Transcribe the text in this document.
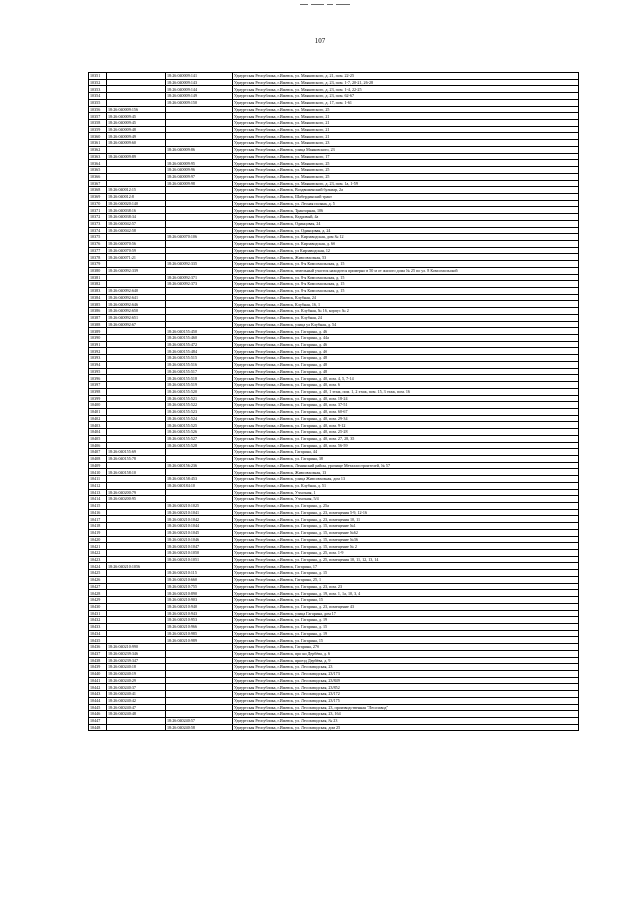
107
10351		18:26:040009:141	Удмуртская Республика, г.Ижевск, ул. Маяковского, д. 21, пом. 22-25
10352		18:26:040009:143	Удмуртская Республика, г.Ижевск, ул. Маяковского, д. 23, пом. 1-7, 20-21, 26-28
10353		18:26:040009:144	Удмуртская Республика, г.Ижевск, ул. Маяковского, д. 23, пом. 1-4, 22-25
10354		18:26:040009:149	Удмуртская Республика, г.Ижевск, ул. Маяковского, д. 23, пом. 62-67
10355		18:26:040009:150	Удмуртская Республика, г.Ижевск, ул. Маяковского, д. 17, пом. 1-61
10356	18:26:040009:156		Удмуртская Республика, г.Ижевск, ул. Маяковского, 25
10357	18:26:040009:45		Удмуртская Республика, г.Ижевск, ул. Маяковского, 21
10358	18:26:040009:45		Удмуртская Республика, г.Ижевск, ул. Маяковского, 21
10359	18:26:040009:48		Удмуртская Республика, г.Ижевск, ул. Маяковского, 21
10360	18:26:040009:49		Удмуртская Республика, г.Ижевск, ул. Маяковского, 21
10361	18:26:040009:60		Удмуртская Республика, г.Ижевск, ул. Маяковского, 23
10362		18:26:040009:86	Удмуртская Республика, г.Ижевск, улица Маяковского, 23
10363	18:26:040009:89		Удмуртская Республика, г.Ижевск, ул. Маяковского, 17
10364		18:26:040009:95	Удмуртская Республика, г.Ижевск, ул. Маяковского, 25
10365		18:26:040009:96	Удмуртская Республика, г.Ижевск, ул. Маяковского, 25
10366		18:26:040009:97	Удмуртская Республика, г.Ижевск, ул. Маяковского, 25
10367		18:26:040009:98	Удмуртская Республика, г.Ижевск, ул. Маяковского, д. 23, пом. 1а, 1-59
10368	18:26:040012:15		Удмуртская Республика, г.Ижевск, Воздвиженский бульвар, 2а
10369	18:26:040012:8		Удмуртская Республика, г.Ижевск, Шабердинский тракт
10370	18:26:040020:140		Удмуртская Республика, г.Ижевск, ул. Лесная поляна, д. 5
10371	18:26:040038:16		Удмуртская Республика, г.Ижевск, Тракторная, 106
10372	18:26:040038:34		Удмуртская Республика, г.Ижевск, Кедровый, 4а
10373	18:26:040042:57		Удмуртская Республика, г.Ижевск, Одинцовая, 24
10374	18:26:040042:58		Удмуртская Республика, г.Ижевск, ул. Одинцовая, д. 24
10375		18:26:040070:106	Удмуртская Республика, г.Ижевск, ул. Кирзаводская, дом № 12
10376	18:26:040070:56		Удмуртская Республика, г.Ижевск, ул. Кирзаводская, д. 6б
10377	18:26:040070:59		Удмуртская Республика, г.Ижевск, ул Кирзаводская, 12
10378	18:26:040071:21		Удмуртская Республика, г.Ижевск, Живсовхозная, 53
10379		18:26:040092:335	Удмуртская Республика, г.Ижевск, ул. 8-я Комсомольская, д. 15
10380	18:26:040092:339		Удмуртская Республика, г.Ижевск, земельный участок находится примерно в 50 м от жилого дома № 25 по ул. 8 Комсомольской
10381		18:26:040092:371	Удмуртская Республика, г.Ижевск, ул. 8-я Комсомольская, д. 15
10382		18:26:040092:373	Удмуртская Республика, г.Ижевск, ул. 8-я Комсомольская, д. 15
10383	18:26:040092:640		Удмуртская Республика, г.Ижевск, ул. 8-я Комсомольская, д. 15
10384	18:26:040092:641		Удмуртская Республика, г.Ижевск, Клубная, 24
10385	18:26:040092:646		Удмуртская Республика, г.Ижевск, Клубная, 16, 1
10386	18:26:040092:650		Удмуртская Республика, г.Ижевск, ул. Клубная, № 16, корпус № 2
10387	18:26:040092:651		Удмуртская Республика, г.Ижевск, ул. Клубная, 24
10388	18:26:040092:67		Удмуртская Республика, г.Ижевск, улица ул Клубная, д. 54
10389		18:26:040155:450	Удмуртская Республика, г.Ижевск, ул. Гагарина, д. 46
10390		18:26:040155:460	Удмуртская Республика, г.Ижевск, ул. Гагарина, д. 44а
10391		18:26:040155:472	Удмуртская Республика, г.Ижевск, ул. Гагарина, д. 46
10392		18:26:040155:484	Удмуртская Республика, г.Ижевск, ул. Гагарина, д. 4б
10393		18:26:040155:515	Удмуртская Республика, г.Ижевск, ул. Гагарина, д. 48
10394		18:26:040155:516	Удмуртская Республика, г.Ижевск, ул. Гагарина, д. 48
10395		18:26:040155:517	Удмуртская Республика, г.Ижевск, ул. Гагарина, д. 48
10396		18:26:040155:518	Удмуртская Республика, г.Ижевск, ул. Гагарина, д. 40, пом. 4, 5, 7-14
10397		18:26:040155:519	Удмуртская Республика, г.Ижевск, ул. Гагарина, д. 40, пом. 6
10398		18:26:040155:520	Удмуртская Республика, г.Ижевск, ул. Гагарина, д. 40, 1 этаж, пом. 1, 2 этаж, пом. 15, 3 этаж, пом. 16
10399		18:26:040155:521	Удмуртская Республика, г.Ижевск, ул. Гагарина, д. 40, пом. 18-24
10400		18:26:040155:522	Удмуртская Республика, г.Ижевск, ул. Гагарина, д. 40, пом. 37-51
10401		18:26:040155:523	Удмуртская Республика, г.Ижевск, ул. Гагарина, д. 40, пом. 60-67
10402		18:26:040155:524	Удмуртская Республика, г.Ижевск, ул. Гагарина, д. 40, пом. 29-34
10403		18:26:040155:525	Удмуртская Республика, г.Ижевск, ул. Гагарина, д. 40, пом. 9-12
10404		18:26:040155:526	Удмуртская Республика, г.Ижевск, ул. Гагарина, д. 40, пом. 25-28
10405		18:26:040155:527	Удмуртская Республика, г.Ижевск, ул. Гагарина, д. 40, пом. 27, 28, 35
10406		18:26:040155:528	Удмуртская Республика, г.Ижевск, ул. Гагарина, д. 40, пом. 56-59
10407	18:26:040155:69		Удмуртская Республика, г.Ижевск, Гагарина, 44
10408	18:26:040155:78		Удмуртская Республика, г.Ижевск, ул. Гагарина, 38
10409		18:26:040156:236	Удмуртская Республика, г.Ижевск, Ленинский район, урочище Металлостроителей, № 57
10410	18:26:040158:10		Удмуртская Республика, г.Ижевск, Живсовхозная, 13
10411		18:26:040158:453	Удмуртская Республика, г.Ижевск, улица Живсовхозная, дом 13
10412		18:26:040184:10	Удмуртская Республика, г.Ижевск, ул. Клубная, д. 51
10413	18:26:040200:79		Удмуртская Республика, г.Ижевск, Учхозная, 1
10414	18:26:040200:95		Удмуртская Республика, г.Ижевск, Учхозная, 5/4
10415		18:26:040210:1025	Удмуртская Республика, г.Ижевск, ул. Гагарина, д. 25а
10416		18:26:040210:1041	Удмуртская Республика, г.Ижевск, ул. Гагарина, д. 23, помещения 5-9, 12-16
10417		18:26:040210:1042	Удмуртская Республика, г.Ижевск, ул. Гагарина, д. 23, помещения 10, 11
10418		18:26:040210:1044	Удмуртская Республика, г.Ижевск, ул. Гагарина, д. 15, помещение №1
10419		18:26:040210:1045	Удмуртская Республика, г.Ижевск, ул. Гагарина, д. 15, помещение №62
10420		18:26:040210:1046	Удмуртская Республика, г.Ижевск, ул. Гагарина, д. 15, помещение №36
10421		18:26:040210:1047	Удмуртская Республика, г.Ижевск, ул. Гагарина, д. 15, помещение № 2
10422		18:26:040210:1050	Удмуртская Республика, г.Ижевск, ул. Гагарина, д. 25, пом. 1-9
10423		18:26:040210:1051	Удмуртская Республика, г.Ижевск, ул. Гагарина, д. 25, помещения 10, 11, 12, 13, 14
10424	18:26:040210:1056		Удмуртская Республика, г.Ижевск, Гагарина, 17
10425		18:26:040210:115	Удмуртская Республика, г.Ижевск, ул. Гагарина, д. 15
10426		18:26:040210:660	Удмуртская Республика, г.Ижевск, Гагарина, 25, 1
10427		18:26:040210:755	Удмуртская Республика, г.Ижевск, ул. Гагарина, д. 23, пом. 23
10428		18:26:040210:890	Удмуртская Республика, г.Ижевск, ул. Гагарина, д. 19, пом. 1, 1а, 10, 3, 4
10429		18:26:040210:903	Удмуртская Республика, г.Ижевск, ул. Гагарина, 15
10430		18:26:040210:940	Удмуртская Республика, г.Ижевск, ул. Гагарина, д. 23, помещение 43
10431		18:26:040210:943	Удмуртская Республика, г.Ижевск, улица Гагарина, дом 17
10432		18:26:040210:953	Удмуртская Республика, г.Ижевск, ул. Гагарина, д. 19
10433		18:26:040210:966	Удмуртская Республика, г.Ижевск, ул. Гагарина, д. 15
10434		18:26:040210:985	Удмуртская Республика, г.Ижевск, ул. Гагарина, д. 19
10435		18:26:040210:989	Удмуртская Республика, г.Ижевск, ул. Гагарина, 15
10436	18:26:040210:990		Удмуртская Республика, г.Ижевск, Гагарина, 27б
10437	18:26:040239:346		Удмуртская Республика, г.Ижевск, про ки Дербёва, д. 6
10438	18:26:040239:347		Удмуртская Республика, г.Ижевск, проезд Дербёва, д. 9
10439	18:26:040240:18		Удмуртская Республика, г.Ижевск, ул. Лесозаводская, 23
10440	18:26:040240:19		Удмуртская Республика, г.Ижевск, ул. Лесозаводская, 23/173
10441	18:26:040240:29		Удмуртская Республика, г.Ижевск, ул. Лесозаводская, 23/849
10442	18:26:040240:37		Удмуртская Республика, г.Ижевск, ул. Лесозаводская, 23/852
10443	18:26:040240:41		Удмуртская Республика, г.Ижевск, ул. Лесозаводская, 23/172
10444	18:26:040240:42		Удмуртская Республика, г.Ижевск, ул. Лесозаводская, 23/175
10445	18:26:040240:47		Удмуртская Республика, г.Ижевск, ул. Лесозаводская, 23, производственная "Лесозавод"
10446	18:26:040240:48		Удмуртская Республика, г.Ижевск, ул. Лесозаводская, 23, 164
10447		18:26:040240:57	Удмуртская Республика, г.Ижевск, ул. Лесозаводская, № 23
10448		18:26:040240:58	Удмуртская Республика, г.Ижевск, ул. Лесозаводская, дом 25
